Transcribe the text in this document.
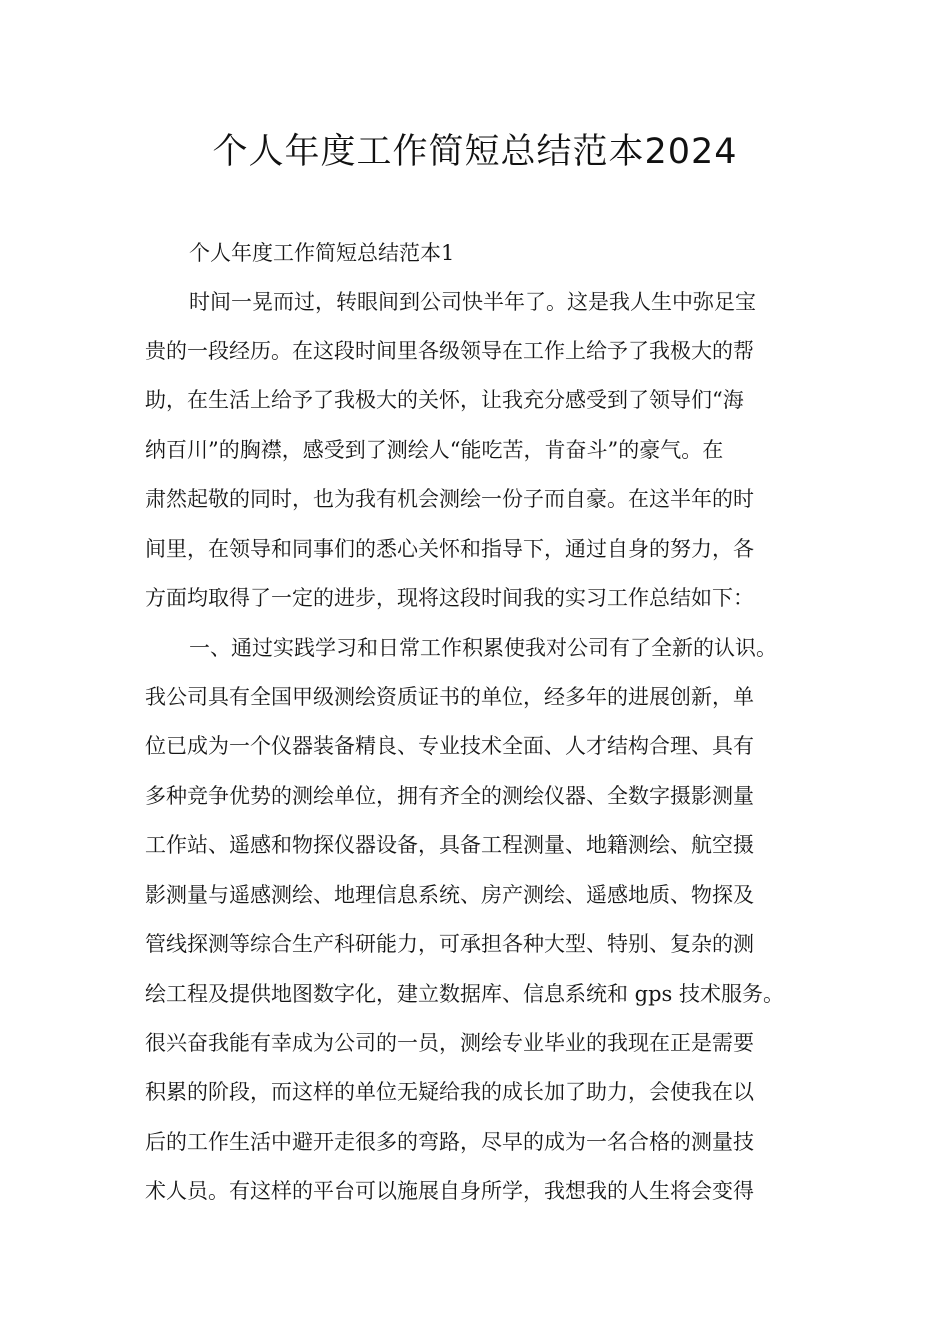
个人年度工作简短总结范本2024
个人年度工作简短总结范本1
时间一晃而过，转眼间到公司快半年了。这是我人生中弥足宝
贵的一段经历。在这段时间里各级领导在工作上给予了我极大的帮
助，在生活上给予了我极大的关怀，让我充分感受到了领导们“海
纳百川”的胸襟，感受到了测绘人“能吃苦，肯奋斗”的豪气。在
肃然起敬的同时，也为我有机会测绘一份子而自豪。在这半年的时
间里，在领导和同事们的悉心关怀和指导下，通过自身的努力，各
方面均取得了一定的进步，现将这段时间我的实习工作总结如下：
一、通过实践学习和日常工作积累使我对公司有了全新的认识。
我公司具有全国甲级测绘资质证书的单位，经多年的进展创新，单
位已成为一个仪器装备精良、专业技术全面、人才结构合理、具有
多种竞争优势的测绘单位，拥有齐全的测绘仪器、全数字摄影测量
工作站、遥感和物探仪器设备，具备工程测量、地籍测绘、航空摄
影测量与遥感测绘、地理信息系统、房产测绘、遥感地质、物探及
管线探测等综合生产科研能力，可承担各种大型、特别、复杂的测
绘工程及提供地图数字化，建立数据库、信息系统和 gps 技术服务。
很兴奋我能有幸成为公司的一员，测绘专业毕业的我现在正是需要
积累的阶段，而这样的单位无疑给我的成长加了助力，会使我在以
后的工作生活中避开走很多的弯路，尽早的成为一名合格的测量技
术人员。有这样的平台可以施展自身所学，我想我的人生将会变得
